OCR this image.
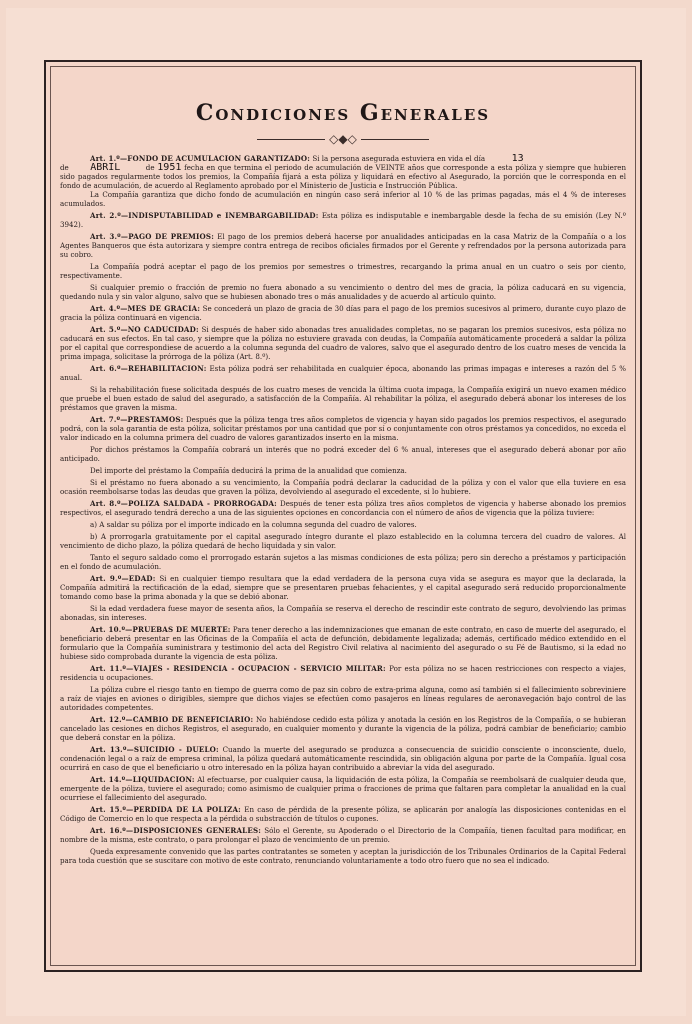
Condiciones Generales
◇◆◇
Art. 1.º—FONDO DE ACUMULACION GARANTIZADO: Si la persona asegurada estuviera en vida el día	13
de ABRIL	de 1951 fecha en que termina el periodo de acumulación de VEINTE años que corresponde a esta póliza y siempre que hubieren sido pagados regularmente todos los premios, la Compañía fijará a esta póliza y liquidará en efectivo al Asegurado, la porción que le corresponda en el fondo de acumulación, de acuerdo al Reglamento aprobado por el Ministerio de Justicia e Instrucción Pública.
La Compañía garantiza que dicho fondo de acumulación en ningún caso será inferior al 10 % de las primas pagadas, más el 4 % de intereses acumulados.
Art. 2.º—INDISPUTABILIDAD e INEMBARGABILIDAD: Esta póliza es indisputable e inembargable desde la fecha de su emisión (Ley N.º 3942).
Art. 3.º—PAGO DE PREMIOS: El pago de los premios deberá hacerse por anualidades anticipadas en la casa Matriz de la Compañía o a los Agentes Banqueros que ésta autorizara y siempre contra entrega de recibos oficiales firmados por el Gerente y refrendados por la persona autorizada para su cobro.
La Compañía podrá aceptar el pago de los premios por semestres o trimestres, recargando la prima anual en un cuatro o seis por ciento, respectivamente.
Si cualquier premio o fracción de premio no fuera abonado a su vencimiento o dentro del mes de gracia, la póliza caducará en su vigencia, quedando nula y sin valor alguno, salvo que se hubiesen abonado tres o más anualidades y de acuerdo al artículo quinto.
Art. 4.º—MES DE GRACIA: Se concederá un plazo de gracia de 30 días para el pago de los premios sucesivos al primero, durante cuyo plazo de gracia la póliza continuará en vigencia.
Art. 5.º—NO CADUCIDAD: Si después de haber sido abonadas tres anualidades completas, no se pagaran los premios sucesivos, esta póliza no caducará en sus efectos. En tal caso, y siempre que la póliza no estuviere gravada con deudas, la Compañía automáticamente procederá a saldar la póliza por el capital que correspondiese de acuerdo a la columna segunda del cuadro de valores, salvo que el asegurado dentro de los cuatro meses de vencida la prima impaga, solicitase la prórroga de la póliza (Art. 8.º).
Art. 6.º—REHABILITACION: Esta póliza podrá ser rehabilitada en cualquier época, abonando las primas impagas e intereses a razón del 5 % anual.
Si la rehabilitación fuese solicitada después de los cuatro meses de vencida la última cuota impaga, la Compañía exigirá un nuevo examen médico que pruebe el buen estado de salud del asegurado, a satisfacción de la Compañía. Al rehabilitar la póliza, el asegurado deberá abonar los intereses de los préstamos que graven la misma.
Art. 7.º—PRESTAMOS: Después que la póliza tenga tres años completos de vigencia y hayan sido pagados los premios respectivos, el asegurado podrá, con la sola garantía de esta póliza, solicitar préstamos por una cantidad que por sí o conjuntamente con otros préstamos ya concedidos, no exceda el valor indicado en la columna primera del cuadro de valores garantizados inserto en la misma.
Por dichos préstamos la Compañía cobrará un interés que no podrá exceder del 6 % anual, intereses que el asegurado deberá abonar por año anticipado.
Del importe del préstamo la Compañía deducirá la prima de la anualidad que comienza.
Si el préstamo no fuera abonado a su vencimiento, la Compañía podrá declarar la caducidad de la póliza y con el valor que ella tuviere en esa ocasión reembolsarse todas las deudas que graven la póliza, devolviendo al asegurado el excedente, si lo hubiere.
Art. 8.º—POLIZA SALDADA - PRORROGADA: Después de tener esta póliza tres años completos de vigencia y haberse abonado los premios respectivos, el asegurado tendrá derecho a una de las siguientes opciones en concordancia con el número de años de vigencia que la póliza tuviere:
a) A saldar su póliza por el importe indicado en la columna segunda del cuadro de valores.
b) A prorrogarla gratuitamente por el capital asegurado íntegro durante el plazo establecido en la columna tercera del cuadro de valores. Al vencimiento de dicho plazo, la póliza quedará de hecho liquidada y sin valor.
Tanto el seguro saldado como el prorrogado estarán sujetos a las mismas condiciones de esta póliza; pero sin derecho a préstamos y participación en el fondo de acumulación.
Art. 9.º—EDAD: Si en cualquier tiempo resultara que la edad verdadera de la persona cuya vida se asegura es mayor que la declarada, la Compañía admitirá la rectificación de la edad, siempre que se presentaren pruebas fehacientes, y el capital asegurado será reducido proporcionalmente tomando como base la prima abonada y la que se debió abonar.
Si la edad verdadera fuese mayor de sesenta años, la Compañía se reserva el derecho de rescindir este contrato de seguro, devolviendo las primas abonadas, sin intereses.
Art. 10.º—PRUEBAS DE MUERTE: Para tener derecho a las indemnizaciones que emanan de este contrato, en caso de muerte del asegurado, el beneficiario deberá presentar en las Oficinas de la Compañía el acta de defunción, debidamente legalizada; además, certificado médico extendido en el formulario que la Compañía suministrara y testimonio del acta del Registro Civil relativa al nacimiento del asegurado o su Fé de Bautismo, si la edad no hubiese sido comprobada durante la vigencia de esta póliza.
Art. 11.º—VIAJES - RESIDENCIA - OCUPACION - SERVICIO MILITAR: Por esta póliza no se hacen restricciones con respecto a viajes, residencia u ocupaciones.
La póliza cubre el riesgo tanto en tiempo de guerra como de paz sin cobro de extra-prima alguna, como así también si el fallecimiento sobreviniere a raíz de viajes en aviones o dirigibles, siempre que dichos viajes se efectúen como pasajeros en líneas regulares de aeronavegación bajo control de las autoridades competentes.
Art. 12.º—CAMBIO DE BENEFICIARIO: No habiéndose cedido esta póliza y anotada la cesión en los Registros de la Compañía, o se hubieran cancelado las cesiones en dichos Registros, el asegurado, en cualquier momento y durante la vigencia de la póliza, podrá cambiar de beneficiario; cambio que deberá constar en la póliza.
Art. 13.º—SUICIDIO - DUELO: Cuando la muerte del asegurado se produzca a consecuencia de suicidio consciente o inconsciente, duelo, condenación legal o a raíz de empresa criminal, la póliza quedará automáticamente rescindida, sin obligación alguna por parte de la Compañía. Igual cosa ocurrirá en caso de que el beneficiario u otro interesado en la póliza hayan contribuido a abreviar la vida del asegurado.
Art. 14.º—LIQUIDACION: Al efectuarse, por cualquier causa, la liquidación de esta póliza, la Compañía se reembolsará de cualquier deuda que, emergente de la póliza, tuviere el asegurado; como asimismo de cualquier prima o fracciones de prima que faltaren para completar la anualidad en la cual ocurriese el fallecimiento del asegurado.
Art. 15.º—PERDIDA DE LA POLIZA: En caso de pérdida de la presente póliza, se aplicarán por analogía las disposiciones contenidas en el Código de Comercio en lo que respecta a la pérdida o substracción de títulos o cupones.
Art. 16.º—DISPOSICIONES GENERALES: Sólo el Gerente, su Apoderado o el Directorio de la Compañía, tienen facultad para modificar, en nombre de la misma, este contrato, o para prolongar el plazo de vencimiento de un premio.
Queda expresamente convenido que las partes contratantes se someten y aceptan la jurisdicción de los Tribunales Ordinarios de la Capital Federal para toda cuestión que se suscitare con motivo de este contrato, renunciando voluntariamente a todo otro fuero que no sea el indicado.
